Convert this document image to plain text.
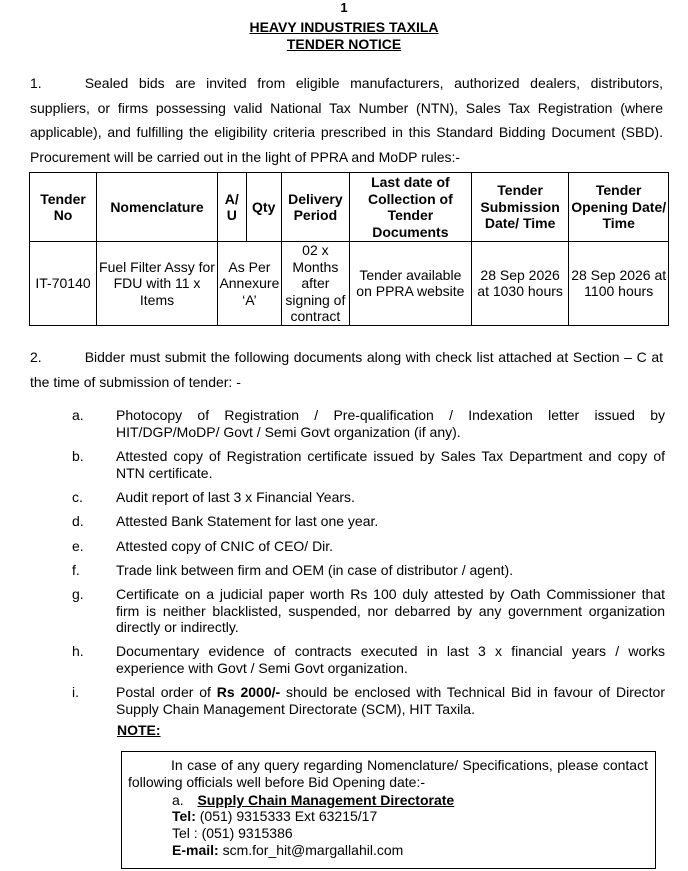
1
HEAVY INDUSTRIES TAXILA
TENDER NOTICE
1.	Sealed bids are invited from eligible manufacturers, authorized dealers, distributors, suppliers, or firms possessing valid National Tax Number (NTN), Sales Tax Registration (where applicable), and fulfilling the eligibility criteria prescribed in this Standard Bidding Document (SBD). Procurement will be carried out in the light of PPRA and MoDP rules:-
Tender No	Nomenclature	A/ U	Qty	Delivery Period	Last date of Collection of Tender Documents	Tender Submission Date/ Time	Tender Opening Date/ Time
IT-70140	Fuel Filter Assy for FDU with 11 x Items	As Per Annexure ‘A’		02 x Months after signing of contract	Tender available on PPRA website	28 Sep 2026 at 1030 hours	28 Sep 2026 at 1100 hours
2.	Bidder must submit the following documents along with check list attached at Section – C at the time of submission of tender: -
a.	Photocopy of Registration / Pre-qualification / Indexation letter issued by HIT/DGP/MoDP/ Govt / Semi Govt organization (if any).
b.	Attested copy of Registration certificate issued by Sales Tax Department and copy of NTN certificate.
c.	Audit report of last 3 x Financial Years.
d.	Attested Bank Statement for last one year.
e.	Attested copy of CNIC of CEO/ Dir.
f.	Trade link between firm and OEM (in case of distributor / agent).
g.	Certificate on a judicial paper worth Rs 100 duly attested by Oath Commissioner that firm is neither blacklisted, suspended, nor debarred by any government organization directly or indirectly.
h.	Documentary evidence of contracts executed in last 3 x financial years / works experience with Govt / Semi Govt organization.
i.	Postal order of Rs 2000/- should be enclosed with Technical Bid in favour of Director Supply Chain Management Directorate (SCM), HIT Taxila.
NOTE:
In case of any query regarding Nomenclature/ Specifications, please contact following officials well before Bid Opening date:-
a. Supply Chain Management Directorate
Tel: (051) 9315333 Ext 63215/17
Tel : (051) 9315386
E-mail: scm.for_hit@margallahil.com
